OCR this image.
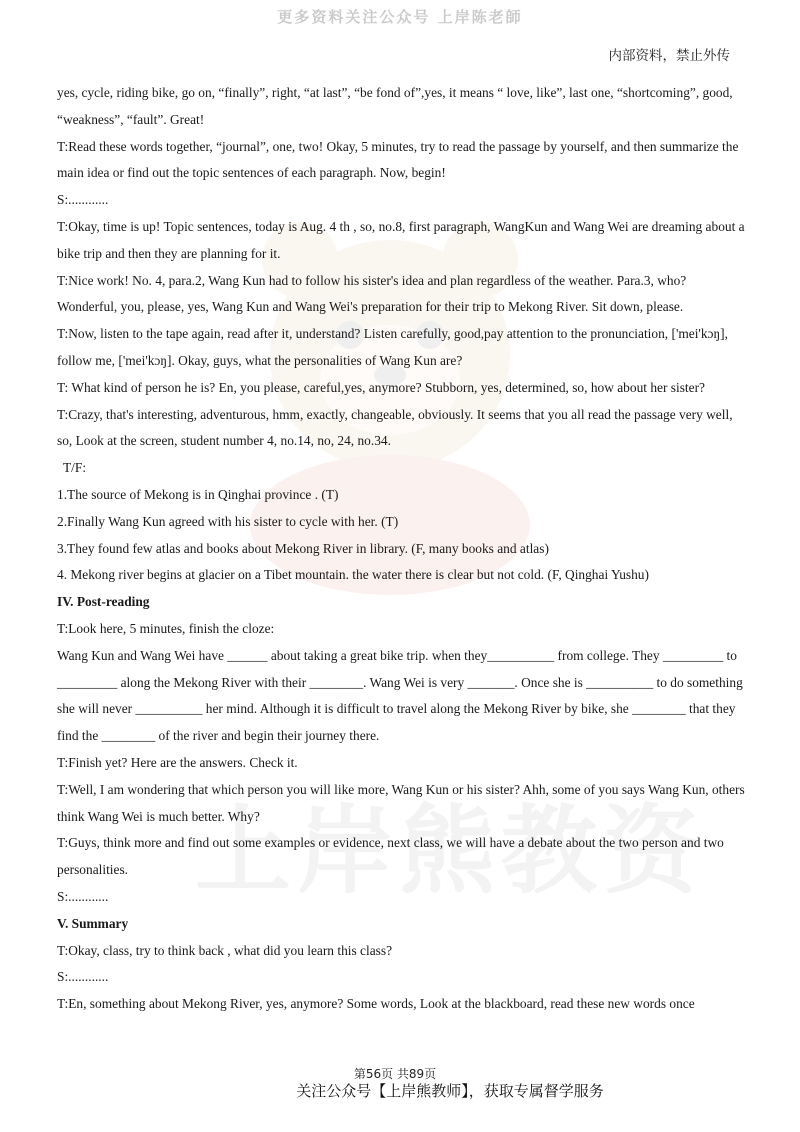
更多资料关注公众号 上岸陈老師
内部资料，禁止外传

yes, cycle, riding bike, go on, “finally”, right, “at last”, “be fond of”,yes, it means “ love, like”, last one, “shortcoming”, good, “weakness”, “fault”. Great!

T:Read these words together, “journal”, one, two! Okay, 5 minutes, try to read the passage by yourself, and then summarize the main idea or find out the topic sentences of each paragraph. Now, begin!

S:............

T:Okay, time is up! Topic sentences, today is Aug. 4 th , so, no.8, first paragraph, WangKun and Wang Wei are dreaming about a bike trip and then they are planning for it.

T:Nice work! No. 4, para.2, Wang Kun had to follow his sister's idea and plan regardless of the weather. Para.3, who? Wonderful, you, please, yes, Wang Kun and Wang Wei's preparation for their trip to Mekong River. Sit down, please.

T:Now, listen to the tape again, read after it, understand? Listen carefully, good,pay attention to the pronunciation, ['mei'kɔŋ], follow me, ['mei'kɔŋ]. Okay, guys, what the personalities of Wang Kun are?

T: What kind of person he is? En, you please, careful,yes, anymore? Stubborn, yes, determined, so, how about her sister?

T:Crazy, that's interesting, adventurous, hmm, exactly, changeable, obviously. It seems that you all read the passage very well, so, Look at the screen, student number 4, no.14, no, 24, no.34.

T/F:

1.The source of Mekong is in Qinghai province . (T)

2.Finally Wang Kun agreed with his sister to cycle with her. (T)

3.They found few atlas and books about Mekong River in library. (F, many books and atlas)

4. Mekong river begins at glacier on a Tibet mountain. the water there is clear but not cold. (F, Qinghai Yushu)

IV. Post-reading

T:Look here, 5 minutes, finish the cloze:

Wang Kun and Wang Wei have ______ about taking a great bike trip. when they__________ from college. They _________ to _________ along the Mekong River with their ________. Wang Wei is very _______. Once she is __________ to do something she will never __________ her mind. Although it is difficult to travel along the Mekong River by bike, she ________ that they find the ________ of the river and begin their journey there.

T:Finish yet? Here are the answers. Check it.

T:Well, I am wondering that which person you will like more, Wang Kun or his sister? Ahh, some of you says Wang Kun, others think Wang Wei is much better. Why?

T:Guys, think more and find out some examples or evidence, next class, we will have a debate about the two person and two personalities.

S:............

V. Summary

T:Okay, class, try to think back , what did you learn this class?

S:............

T:En, something about Mekong River, yes, anymore? Some words, Look at the blackboard, read these new words once

第56页 共89页
关注公众号【上岸熊教师】，获取专属督学服务
